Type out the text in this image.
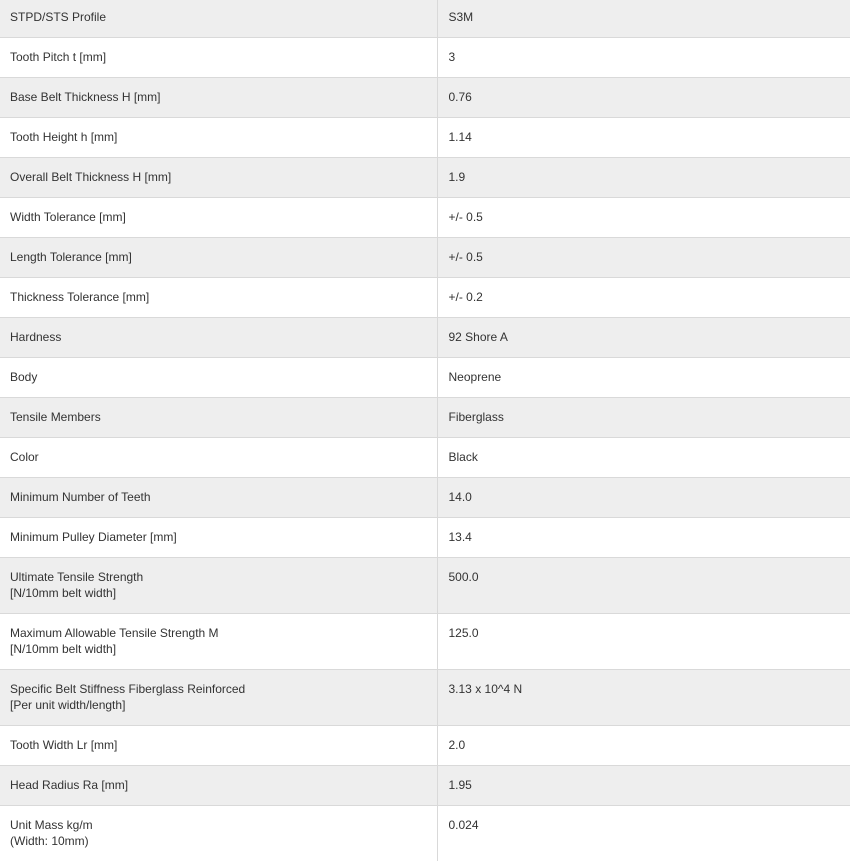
STPD/STS Profile	S3M
Tooth Pitch t [mm]	3
Base Belt Thickness H [mm]	0.76
Tooth Height h [mm]	1.14
Overall Belt Thickness H [mm]	1.9
Width Tolerance [mm]	+/- 0.5
Length Tolerance [mm]	+/- 0.5
Thickness Tolerance [mm]	+/- 0.2
Hardness	92 Shore A
Body	Neoprene
Tensile Members	Fiberglass
Color	Black
Minimum Number of Teeth	14.0
Minimum Pulley Diameter [mm]	13.4

Ultimate Tensile Strength
[N/10mm belt width]	500.0

Maximum Allowable Tensile Strength M
[N/10mm belt width]	125.0

Specific Belt Stiffness Fiberglass Reinforced
[Per unit width/length]	3.13 x 10^4 N
Tooth Width Lr [mm]	2.0
Head Radius Ra [mm]	1.95

Unit Mass kg/m
(Width: 10mm)	0.024
